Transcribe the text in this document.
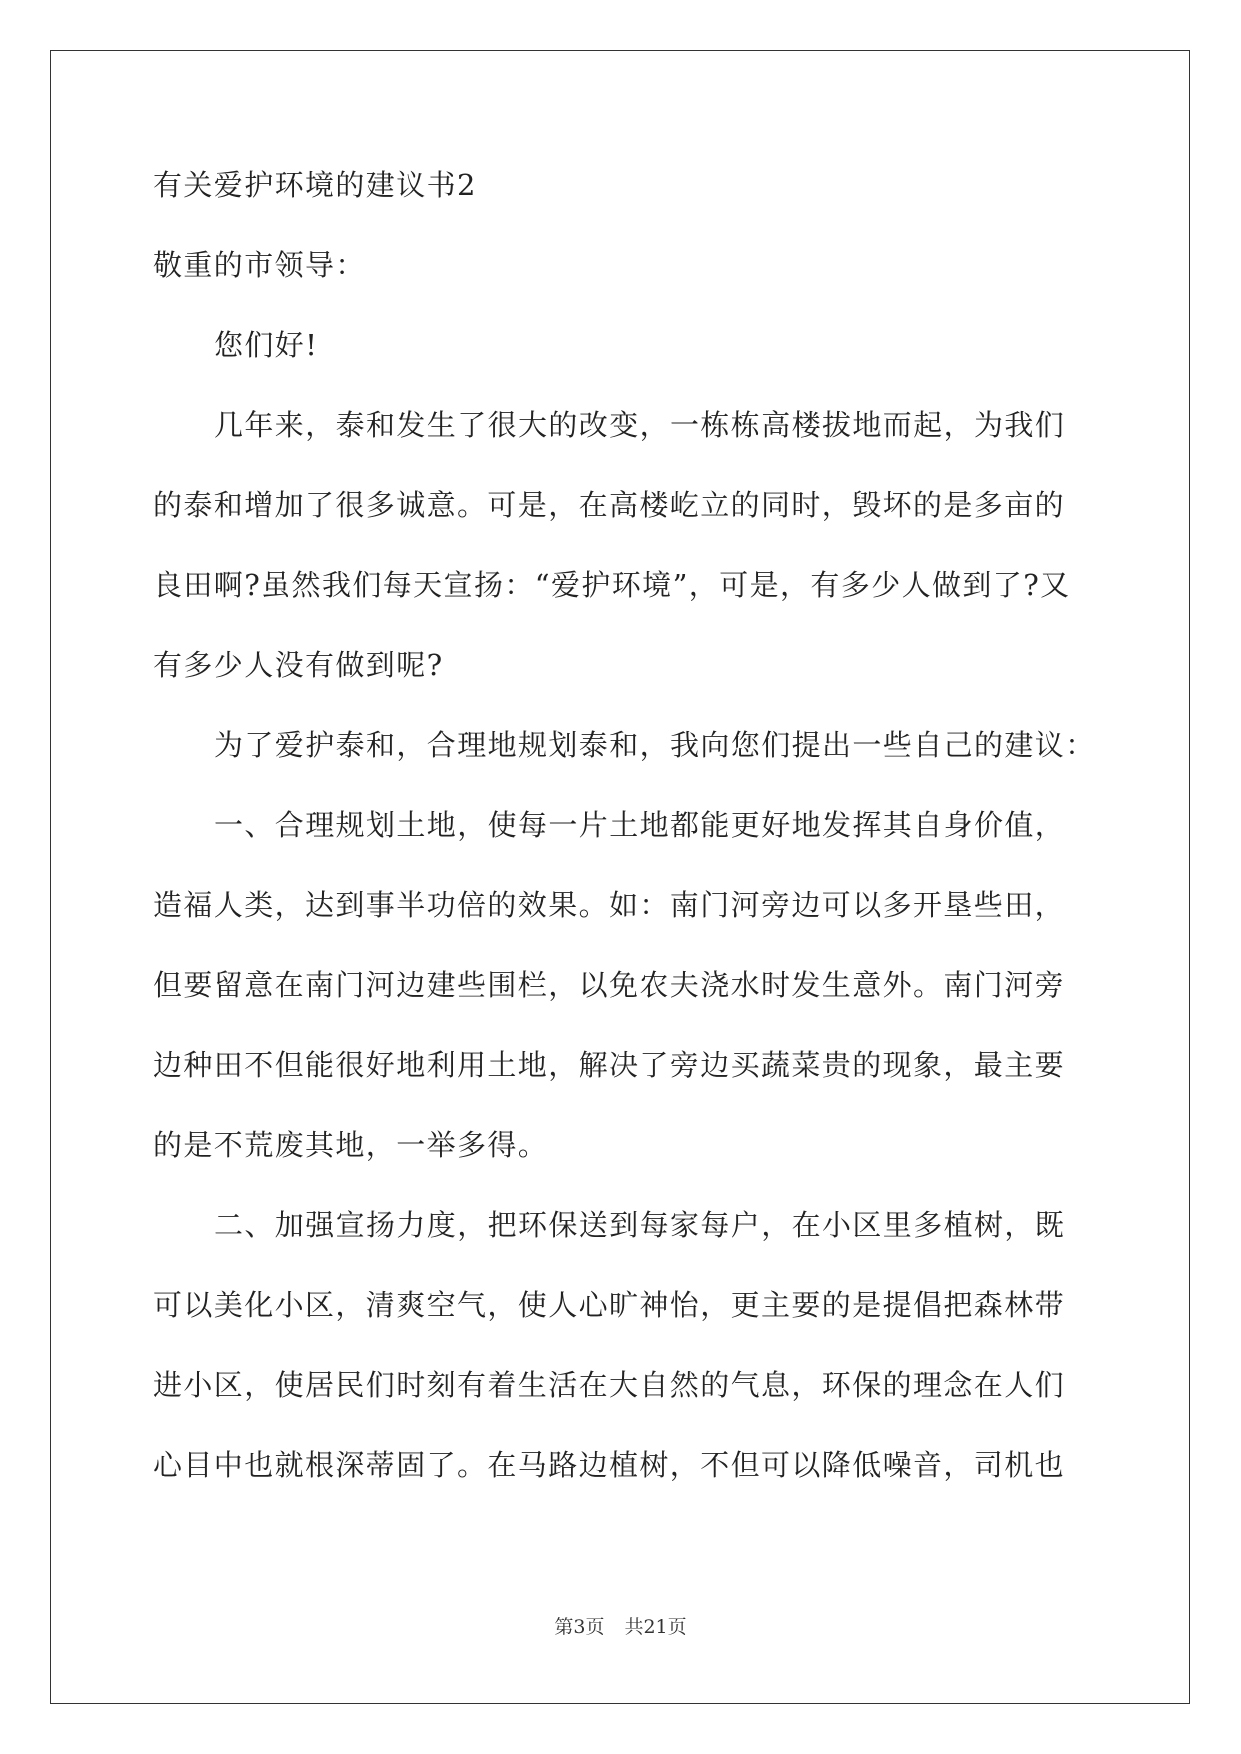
有关爱护环境的建议书2
敬重的市领导：
您们好!
几年来，泰和发生了很大的改变，一栋栋高楼拔地而起，为我们
的泰和增加了很多诚意。可是，在高楼屹立的同时，毁坏的是多亩的
良田啊?虽然我们每天宣扬：“爱护环境”，可是，有多少人做到了?又
有多少人没有做到呢?
为了爱护泰和，合理地规划泰和，我向您们提出一些自己的建议：
一、合理规划土地，使每一片土地都能更好地发挥其自身价值，
造福人类，达到事半功倍的效果。如：南门河旁边可以多开垦些田，
但要留意在南门河边建些围栏，以免农夫浇水时发生意外。南门河旁
边种田不但能很好地利用土地，解决了旁边买蔬菜贵的现象，最主要
的是不荒废其地，一举多得。
二、加强宣扬力度，把环保送到每家每户，在小区里多植树，既
可以美化小区，清爽空气，使人心旷神怡，更主要的是提倡把森林带
进小区，使居民们时刻有着生活在大自然的气息，环保的理念在人们
心目中也就根深蒂固了。在马路边植树，不但可以降低噪音，司机也
第3页 共21页
